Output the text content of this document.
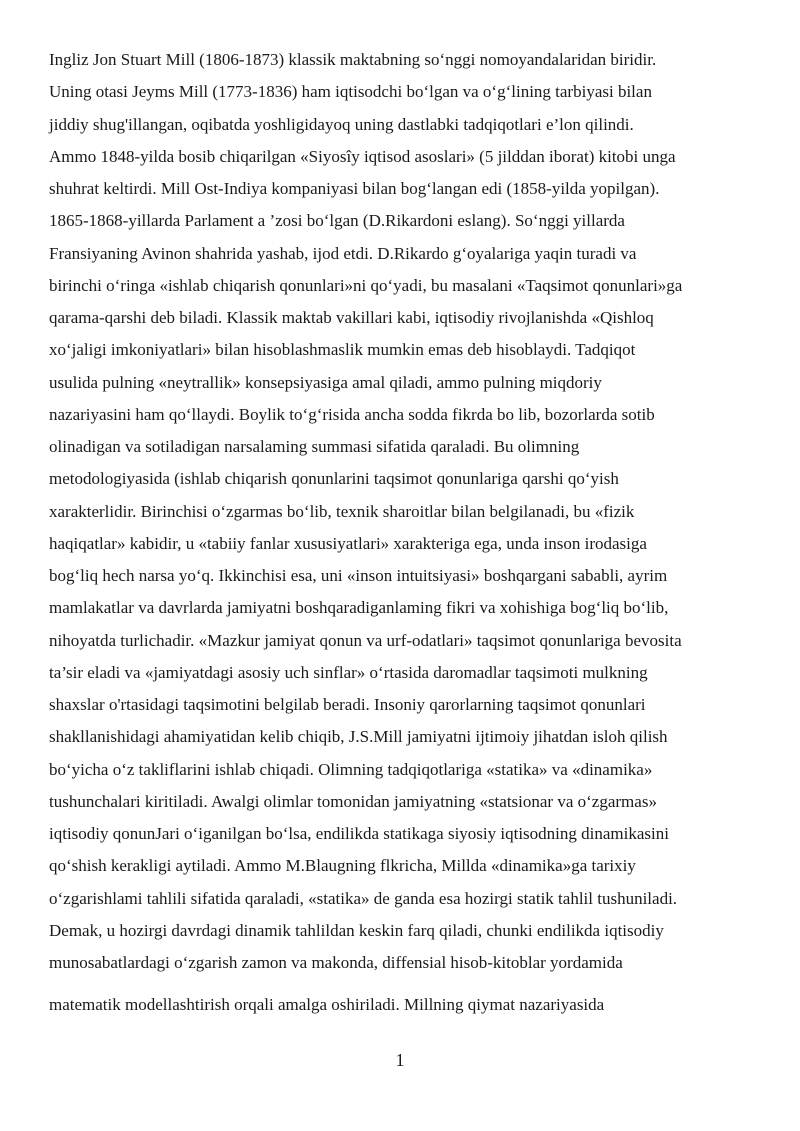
Ingliz Jon Stuart Mill (1806-1873) klassik maktabning so‘nggi nomoyandalaridan biridir.
Uning otasi Jeyms Mill (1773-1836) ham iqtisodchi bo‘lgan va o‘g‘lining tarbiyasi bilan
jiddiy shug'illangan, oqibatda yoshligidayoq uning dastlabki tadqiqotlari e’lon qilindi.
Ammo 1848-yilda bosib chiqarilgan «Siyosîy iqtisod asoslari» (5 jilddan iborat) kitobi unga
shuhrat keltirdi. Mill Ost-Indiya kompaniyasi bilan bog‘langan edi (1858-yilda yopilgan).
1865-1868-yillarda Parlament a ’zosi bo‘lgan (D.Rikardoni eslang). So‘nggi yillarda
Fransiyaning Avinon shahrida yashab, ijod etdi. D.Rikardo g‘oyalariga yaqin turadi va
birinchi o‘ringa «ishlab chiqarish qonunlari»ni qo‘yadi, bu masalani «Taqsimot qonunlari»ga
qarama-qarshi deb biladi. Klassik maktab vakillari kabi, iqtisodiy rivojlanishda «Qishloq
xo‘jaligi imkoniyatlari» bilan hisoblashmaslik mumkin emas deb hisoblaydi. Tadqiqot
usulida pulning «neytrallik» konsepsiyasiga amal qiladi, ammo pulning miqdoriy
nazariyasini ham qo‘llaydi. Boylik to‘g‘risida ancha sodda fikrda bo lib, bozorlarda sotib
olinadigan va sotiladigan narsalaming summasi sifatida qaraladi. Bu olimning
metodologiyasida (ishlab chiqarish qonunlarini taqsimot qonunlariga qarshi qo‘yish
xarakterlidir. Birinchisi o‘zgarmas bo‘lib, texnik sharoitlar bilan belgilanadi, bu «fizik
haqiqatlar» kabidir, u «tabiiy fanlar xususiyatlari» xarakteriga ega, unda inson irodasiga
bog‘liq hech narsa yo‘q. Ikkinchisi esa, uni «inson intuitsiyasi» boshqargani sababli, ayrim
mamlakatlar va davrlarda jamiyatni boshqaradiganlaming fikri va xohishiga bog‘liq bo‘lib,
nihoyatda turlichadir. «Mazkur jamiyat qonun va urf-odatlari» taqsimot qonunlariga bevosita
ta’sir eladi va «jamiyatdagi asosiy uch sinflar» o‘rtasida daromadlar taqsimoti mulkning
shaxslar o'rtasidagi taqsimotini belgilab beradi. Insoniy qarorlarning taqsimot qonunlari
shakllanishidagi ahamiyatidan kelib chiqib, J.S.Mill jamiyatni ijtimoiy jihatdan isloh qilish
bo‘yicha o‘z takliflarini ishlab chiqadi. Olimning tadqiqotlariga «statika» va «dinamika»
tushunchalari kiritiladi. Awalgi olimlar tomonidan jamiyatning «statsionar va o‘zgarmas»
iqtisodiy qonunJari o‘iganilgan bo‘lsa, endilikda statikaga siyosiy iqtisodning dinamikasini
qo‘shish kerakligi aytiladi. Ammo M.Blaugning flkricha, Millda «dinamika»ga tarixiy
o‘zgarishlami tahlili sifatida qaraladi, «statika» de ganda esa hozirgi statik tahlil tushuniladi.
Demak, u hozirgi davrdagi dinamik tahlildan keskin farq qiladi, chunki endilikda iqtisodiy
munosabatlardagi o‘zgarish zamon va makonda, diffensial hisob-kitoblar yordamida
matematik modellashtirish orqali amalga oshiriladi. Millning qiymat nazariyasida
1
